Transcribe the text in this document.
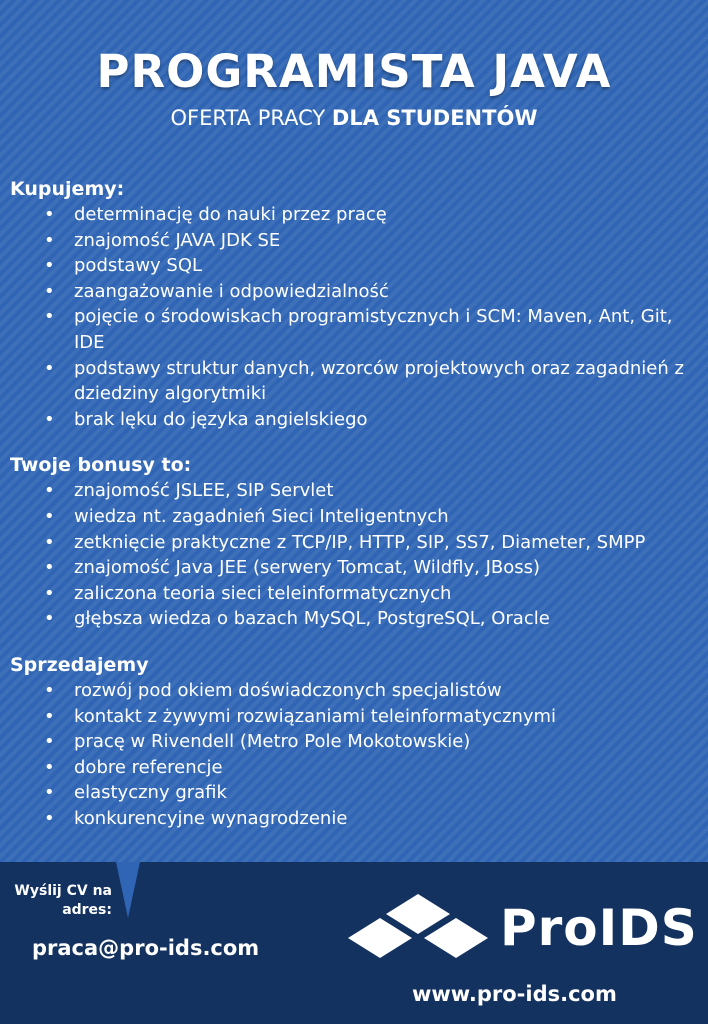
PROGRAMISTA JAVA
OFERTA PRACY DLA STUDENTÓW
Kupujemy:
• determinację do nauki przez pracę
• znajomość JAVA JDK SE
• podstawy SQL
• zaangażowanie i odpowiedzialność
• pojęcie o środowiskach programistycznych i SCM: Maven, Ant, Git, IDE
• podstawy struktur danych, wzorców projektowych oraz zagadnień z dziedziny algorytmiki
• brak lęku do języka angielskiego
Twoje bonusy to:
• znajomość JSLEE, SIP Servlet
• wiedza nt. zagadnień Sieci Inteligentnych
• zetknięcie praktyczne z TCP/IP, HTTP, SIP, SS7, Diameter, SMPP
• znajomość Java JEE (serwery Tomcat, Wildfly, JBoss)
• zaliczona teoria sieci teleinformatycznych
• głębsza wiedza o bazach MySQL, PostgreSQL, Oracle
Sprzedajemy
• rozwój pod okiem doświadczonych specjalistów
• kontakt z żywymi rozwiązaniami teleinformatycznymi
• pracę w Rivendell (Metro Pole Mokotowskie)
• dobre referencje
• elastyczny grafik
• konkurencyjne wynagrodzenie
Wyślij CV na
adres:
praca@pro-ids.com	ProIDS
www.pro-ids.com
